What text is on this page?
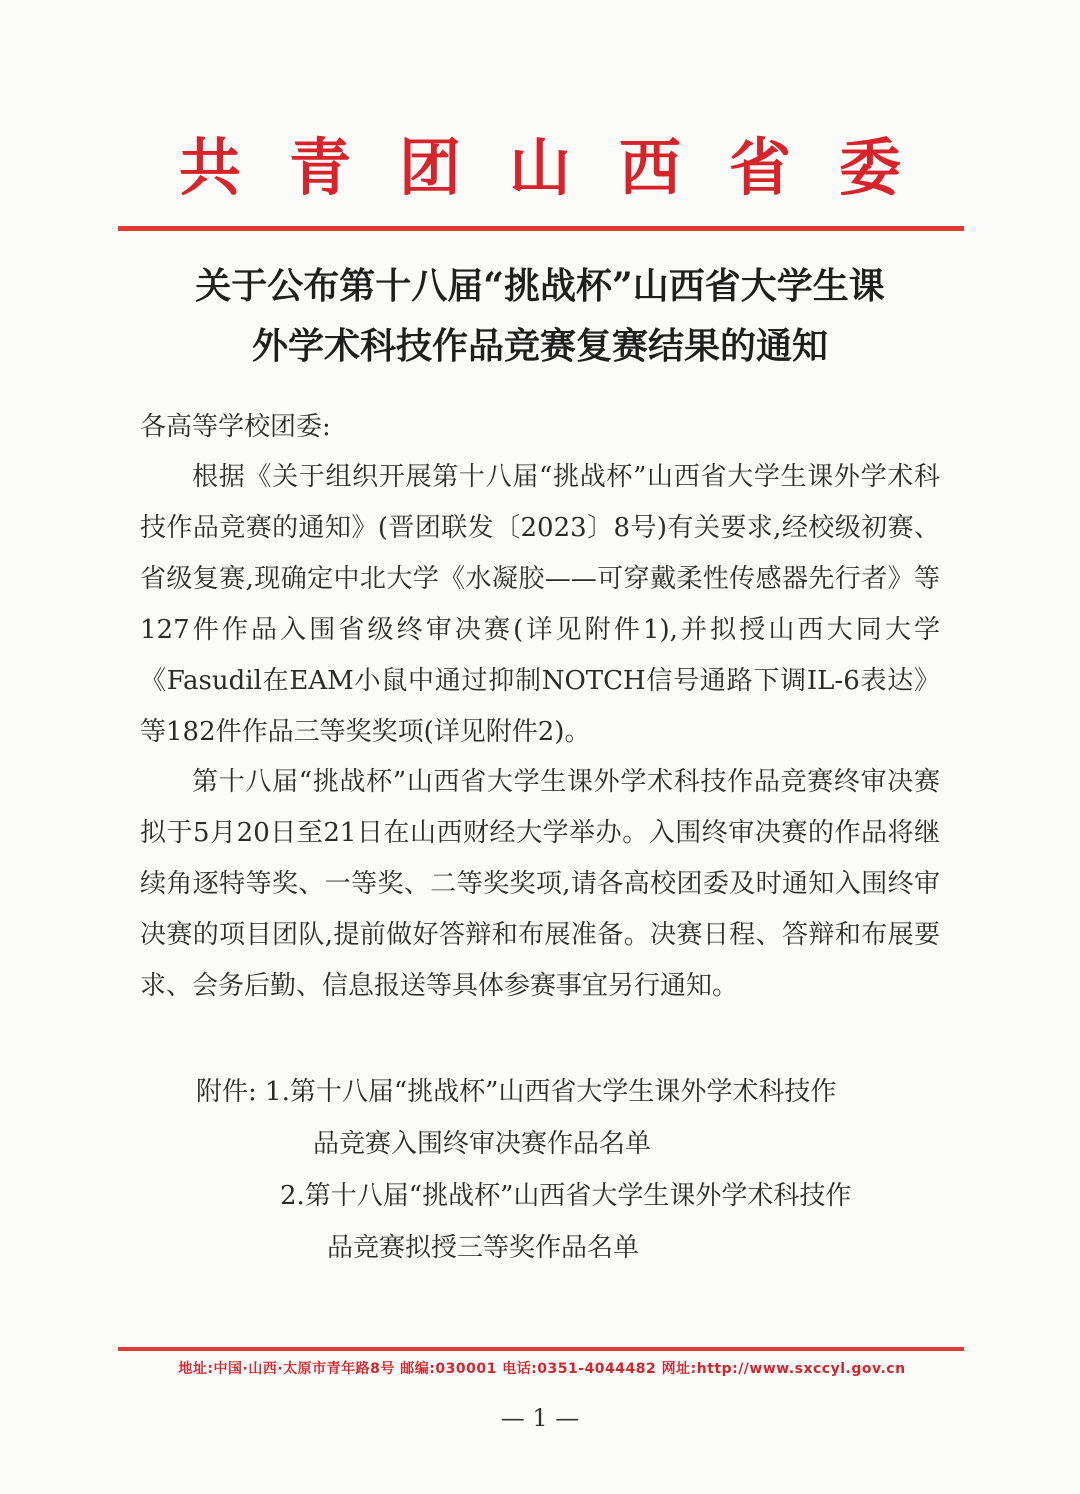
共青团山西省委
关于公布第十八届“挑战杯”山西省大学生课
外学术科技作品竞赛复赛结果的通知
各高等学校团委:

根据《关于组织开展第十八届“挑战杯”山西省大学生课外学术科技作品竞赛的通知》(晋团联发〔2023〕8号)有关要求,经校级初赛、省级复赛,现确定中北大学《水凝胶——可穿戴柔性传感器先行者》等127件作品入围省级终审决赛(详见附件1),并拟授山西大同大学《Fasudil在EAM小鼠中通过抑制NOTCH信号通路下调IL-6表达》等182件作品三等奖奖项(详见附件2)。

第十八届“挑战杯”山西省大学生课外学术科技作品竞赛终审决赛拟于5月20日至21日在山西财经大学举办。入围终审决赛的作品将继续角逐特等奖、一等奖、二等奖奖项,请各高校团委及时通知入围终审决赛的项目团队,提前做好答辩和布展准备。决赛日程、答辩和布展要求、会务后勤、信息报送等具体参赛事宜另行通知。

附件: 1.第十八届“挑战杯”山西省大学生课外学术科技作
品竞赛入围终审决赛作品名单
2.第十八届“挑战杯”山西省大学生课外学术科技作
品竞赛拟授三等奖作品名单
地址:中国·山西·太原市青年路8号 邮编:030001 电话:0351-4044482 网址:http://www.sxccyl.gov.cn
— 1 —
